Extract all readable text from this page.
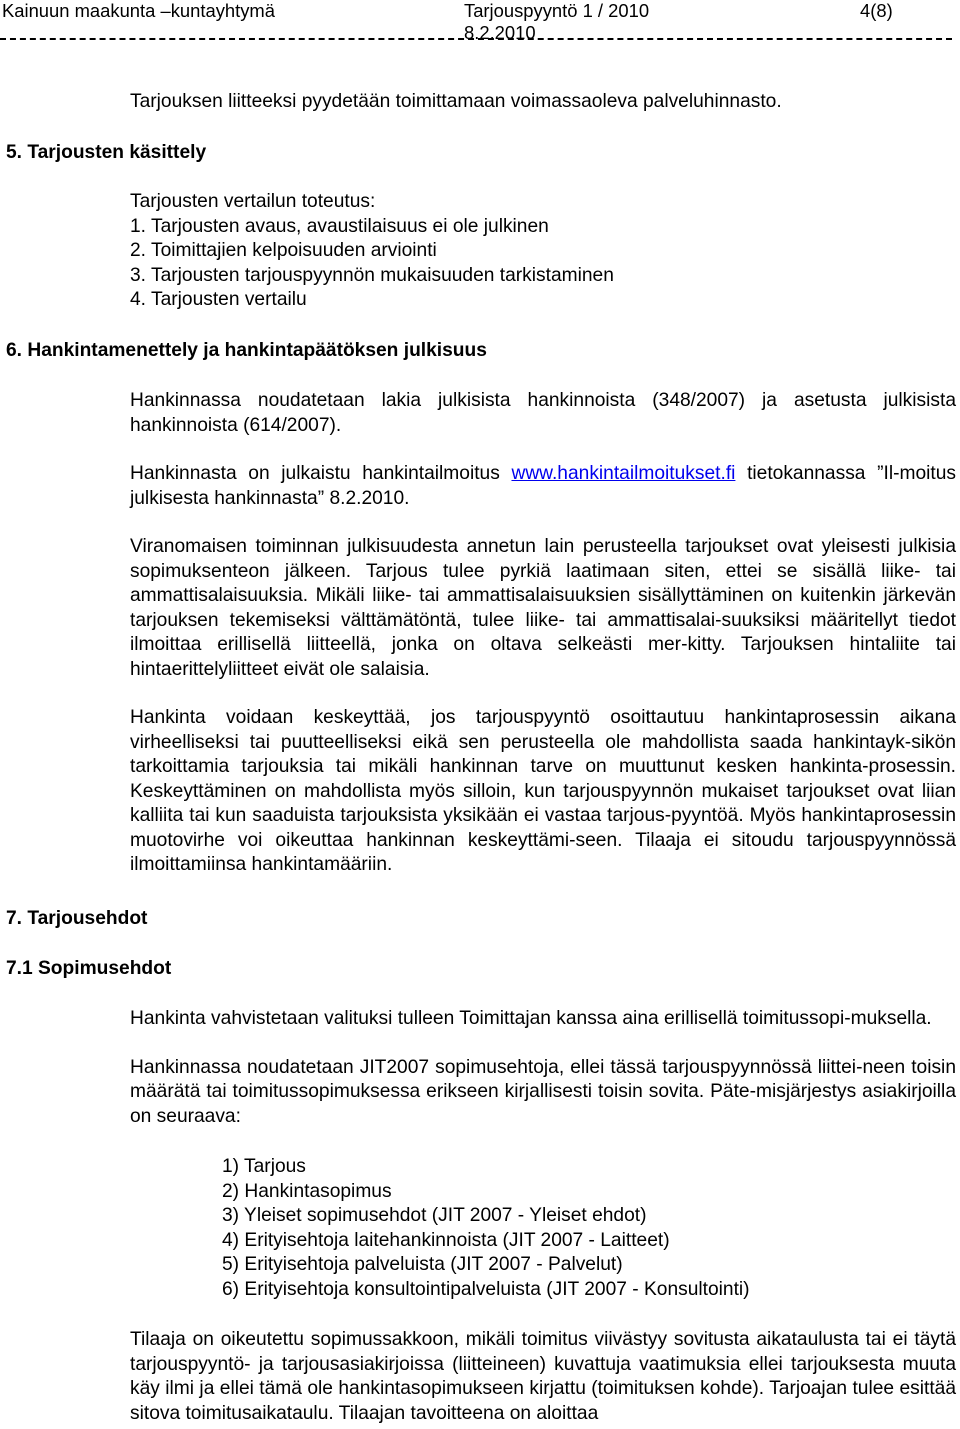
Kainuun maakunta –kuntayhtymä	Tarjouspyyntö 1 / 2010	4(8)
8.2.2010
Tarjouksen liitteeksi pyydetään toimittamaan voimassaoleva palveluhinnasto.
5. Tarjousten käsittely
Tarjousten vertailun toteutus:
1. Tarjousten avaus, avaustilaisuus ei ole julkinen
2. Toimittajien kelpoisuuden arviointi
3. Tarjousten tarjouspyynnön mukaisuuden tarkistaminen
4. Tarjousten vertailu
6. Hankintamenettely ja hankintapäätöksen julkisuus

Hankinnassa noudatetaan lakia julkisista hankinnoista (348/2007) ja asetusta julkisista hankinnoista (614/2007).

Hankinnasta on julkaistu hankintailmoitus www.hankintailmoitukset.fi tietokannassa ”Il-moitus julkisesta hankinnasta” 8.2.2010.

Viranomaisen toiminnan julkisuudesta annetun lain perusteella tarjoukset ovat yleisesti julkisia sopimuksenteon jälkeen. Tarjous tulee pyrkiä laatimaan siten, ettei se sisällä liike- tai ammattisalaisuuksia. Mikäli liike- tai ammattisalaisuuksien sisällyttäminen on kuitenkin järkevän tarjouksen tekemiseksi välttämätöntä, tulee liike- tai ammattisalai-suuksiksi määritellyt tiedot ilmoittaa erillisellä liitteellä, jonka on oltava selkeästi mer-kitty. Tarjouksen hintaliite tai hintaerittelyliitteet eivät ole salaisia.

Hankinta voidaan keskeyttää, jos tarjouspyyntö osoittautuu hankintaprosessin aikana virheelliseksi tai puutteelliseksi eikä sen perusteella ole mahdollista saada hankintayk-sikön tarkoittamia tarjouksia tai mikäli hankinnan tarve on muuttunut kesken hankinta-prosessin. Keskeyttäminen on mahdollista myös silloin, kun tarjouspyynnön mukaiset tarjoukset ovat liian kalliita tai kun saaduista tarjouksista yksikään ei vastaa tarjous-pyyntöä. Myös hankintaprosessin muotovirhe voi oikeuttaa hankinnan keskeyttämi-seen. Tilaaja ei sitoudu tarjouspyynnössä ilmoittamiinsa hankintamääriin.

7. Tarjousehdot
7.1 Sopimusehdot

Hankinta vahvistetaan valituksi tulleen Toimittajan kanssa aina erillisellä toimitussopi-muksella.

Hankinnassa noudatetaan JIT2007 sopimusehtoja, ellei tässä tarjouspyynnössä liittei-neen toisin määrätä tai toimitussopimuksessa erikseen kirjallisesti toisin sovita. Päte-misjärjestys asiakirjoilla on seuraava:

1) Tarjous
2) Hankintasopimus
3) Yleiset sopimusehdot (JIT 2007 - Yleiset ehdot)
4) Erityisehtoja laitehankinnoista (JIT 2007 - Laitteet)
5) Erityisehtoja palveluista (JIT 2007 - Palvelut)
6) Erityisehtoja konsultointipalveluista (JIT 2007 - Konsultointi)

Tilaaja on oikeutettu sopimussakkoon, mikäli toimitus viivästyy sovitusta aikataulusta tai ei täytä tarjouspyyntö- ja tarjousasiakirjoissa (liitteineen) kuvattuja vaatimuksia ellei tarjouksesta muuta käy ilmi ja ellei tämä ole hankintasopimukseen kirjattu (toimituksen kohde). Tarjoajan tulee esittää sitova toimitusaikataulu. Tilaajan tavoitteena on aloittaa
